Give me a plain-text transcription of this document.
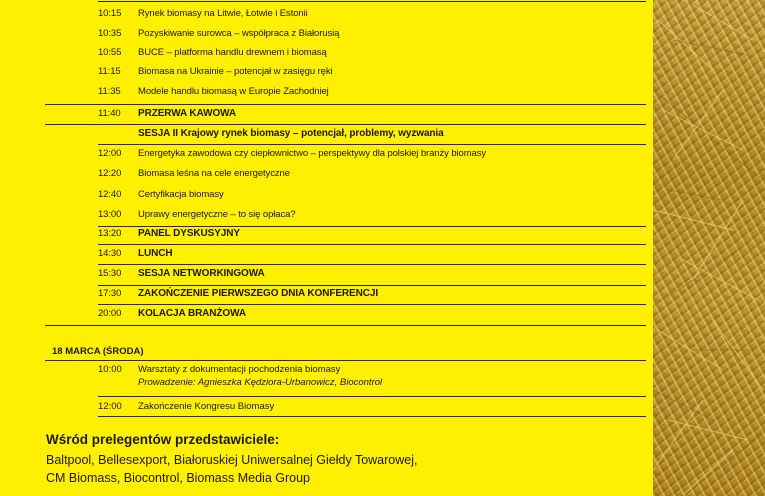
10:15	Rynek biomasy na Litwie, Łotwie i Estonii
10:35	Pozyskiwanie surowca – współpraca z Białorusią
10:55	BUCE – platforma handlu drewnem i biomasą
11:15	Biomasa na Ukrainie – potencjał w zasięgu ręki
11:35	Modele handlu biomasą w Europie Zachodniej
11:40	PRZERWA KAWOWA
SESJA II Krajowy rynek biomasy – potencjał, problemy, wyzwania
12:00	Energetyka zawodowa czy ciepłownictwo – perspektywy dla polskiej branży biomasy
12:20	Biomasa leśna na cele energetyczne
12:40	Certyfikacja biomasy
13:00	Uprawy energetyczne – to się opłaca?
13:20	PANEL DYSKUSYJNY
14:30	LUNCH
15:30	SESJA NETWORKINGOWA
17:30	ZAKOŃCZENIE PIERWSZEGO DNIA KONFERENCJI
20:00	KOLACJA BRANŻOWA
18 MARCA (ŚRODA)
10:00	Warsztaty z dokumentacji pochodzenia biomasy
Prowadzenie: Agnieszka Kędziora-Urbanowicz, Biocontrol
12:00	Zakończenie Kongresu Biomasy
Wśród prelegentów przedstawiciele:
Baltpool, Bellesexport, Białoruskiej Uniwersalnej Giełdy Towarowej,
CM Biomass, Biocontrol, Biomass Media Group
